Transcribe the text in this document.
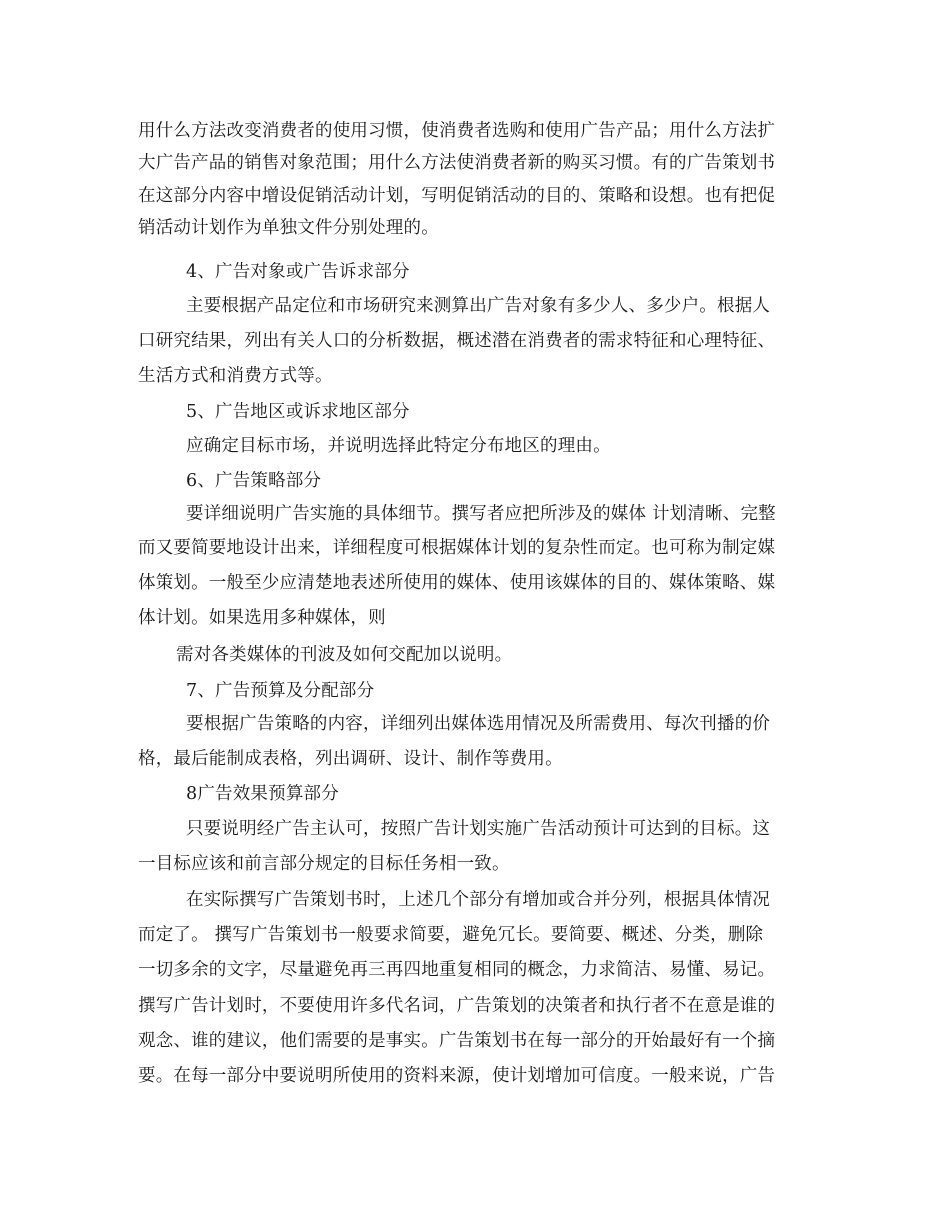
用什么方法改变消费者的使用习惯，使消费者选购和使用广告产品；用什么方法扩
大广告产品的销售对象范围；用什么方法使消费者新的购买习惯。有的广告策划书
在这部分内容中增设促销活动计划，写明促销活动的目的、策略和设想。也有把促
销活动计划作为单独文件分别处理的。
4、广告对象或广告诉求部分
主要根据产品定位和市场研究来测算出广告对象有多少人、多少户。根据人
口研究结果，列出有关人口的分析数据，概述潜在消费者的需求特征和心理特征、
生活方式和消费方式等。
5、广告地区或诉求地区部分
应确定目标市场，并说明选择此特定分布地区的理由。
6、广告策略部分
要详细说明广告实施的具体细节。撰写者应把所涉及的媒体 计划清晰、完整
而又要简要地设计出来，详细程度可根据媒体计划的复杂性而定。也可称为制定媒
体策划。一般至少应清楚地表述所使用的媒体、使用该媒体的目的、媒体策略、媒
体计划。如果选用多种媒体，则
需对各类媒体的刊波及如何交配加以说明。
7、广告预算及分配部分
要根据广告策略的内容，详细列出媒体选用情况及所需费用、每次刊播的价
格，最后能制成表格，列出调研、设计、制作等费用。
8广告效果预算部分
只要说明经广告主认可，按照广告计划实施广告活动预计可达到的目标。这
一目标应该和前言部分规定的目标任务相一致。
在实际撰写广告策划书时，上述几个部分有增加或合并分列，根据具体情况
而定了。 撰写广告策划书一般要求简要，避免冗长。要简要、概述、分类，删除
一切多余的文字，尽量避免再三再四地重复相同的概念，力求简洁、易懂、易记。
撰写广告计划时，不要使用许多代名词，广告策划的决策者和执行者不在意是谁的
观念、谁的建议，他们需要的是事实。广告策划书在每一部分的开始最好有一个摘
要。在每一部分中要说明所使用的资料来源，使计划增加可信度。一般来说，广告
